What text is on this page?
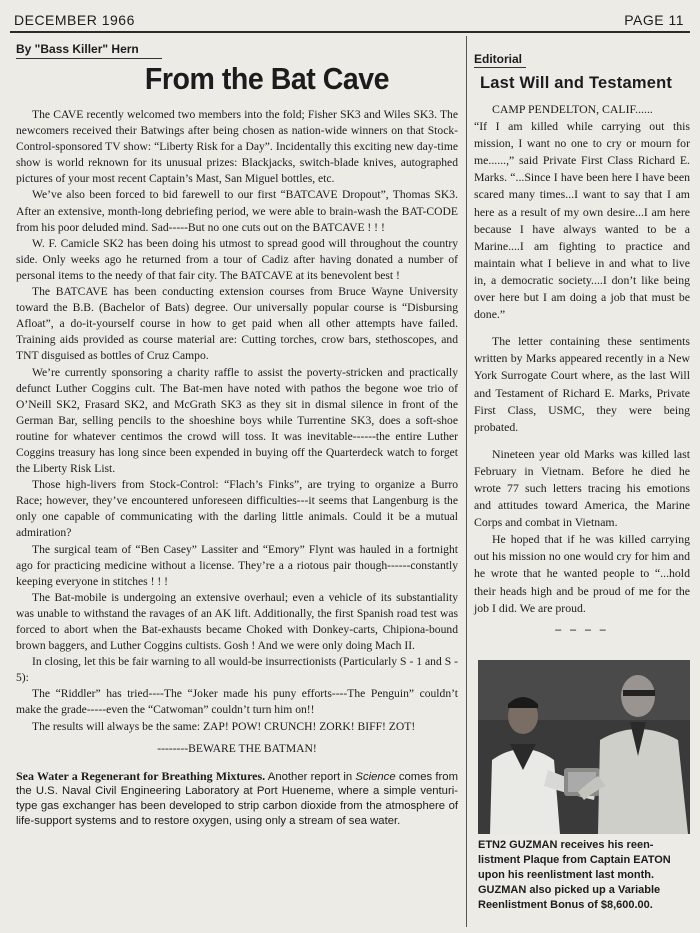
DECEMBER 1966	PAGE 11
By "Bass Killer" Hern
From the Bat Cave

The CAVE recently welcomed two members into the fold; Fisher SK3 and Wiles SK3. The newcomers received their Batwings after being chosen as nation-wide winners on that Stock-Control-sponsored TV show: “Liberty Risk for a Day”. Incidentally this exciting new day-time show is world reknown for its unusual prizes: Blackjacks, switch-blade knives, autographed pictures of your most recent Captain’s Mast, San Miguel bottles, etc.

We’ve also been forced to bid farewell to our first “BATCAVE Dropout”, Thomas SK3. After an extensive, month-long debriefing period, we were able to brain-wash the BAT-CODE from his poor deluded mind. Sad-----But no one cuts out on the BATCAVE ! ! !

W. F. Camicle SK2 has been doing his utmost to spread good will throughout the country side. Only weeks ago he returned from a tour of Cadiz after having donated a number of personal items to the needy of that fair city. The BATCAVE at its benevolent best !

The BATCAVE has been conducting extension courses from Bruce Wayne University toward the B.B. (Bachelor of Bats) degree. Our universally popular course is “Disbursing Afloat”, a do-it-yourself course in how to get paid when all other attempts have failed. Training aids provided as course material are: Cutting torches, crow bars, stethoscopes, and TNT disguised as bottles of Cruz Campo.

We’re currently sponsoring a charity raffle to assist the poverty-stricken and practically defunct Luther Coggins cult. The Bat-men have noted with pathos the begone woe trio of O’Neill SK2, Frasard SK2, and McGrath SK3 as they sit in dismal silence in front of the German Bar, selling pencils to the shoeshine boys while Turrentine SK3, does a soft-shoe routine for whatever centimos the crowd will toss. It was inevitable------the entire Luther Coggins treasury has long since been expended in buying off the Quarterdeck watch to forget the Liberty Risk List.

Those high-livers from Stock-Control: “Flach’s Finks”, are trying to organize a Burro Race; however, they’ve encountered unforeseen difficulties---it seems that Langenburg is the only one capable of communicating with the darling little animals. Could it be a mutual admiration?

The surgical team of “Ben Casey” Lassiter and “Emory” Flynt was hauled in a fortnight ago for practicing medicine without a license. They’re a a riotous pair though------constantly keeping everyone in stitches ! ! !

The Bat-mobile is undergoing an extensive overhaul; even a vehicle of its substantiality was unable to withstand the ravages of an AK lift. Additionally, the first Spanish road test was forced to abort when the Bat-exhausts became Choked with Donkey-carts, Chipiona-bound brown baggers, and Luther Coggins cultists. Gosh ! And we were only doing Mach II.

In closing, let this be fair warning to all would-be insurrectionists (Particularly S - 1 and S - 5):

The “Riddler” has tried----The “Joker made his puny efforts----The Penguin” couldn’t make the grade-----even the “Catwoman” couldn’t turn him on!!

The results will always be the same: ZAP! POW! CRUNCH! ZORK! BIFF! ZOT!

--------BEWARE THE BATMAN!

Sea Water a Regenerant for Breathing Mixtures. Another report in Science comes from the U.S. Naval Civil Engineering Laboratory at Port Hueneme, where a simple venturi-type gas exchanger has been developed to strip carbon dioxide from the atmosphere of life-support systems and to restore oxygen, using only a stream of sea water.
Editorial
Last Will and Testament

CAMP PENDELTON, CALIF......

“If I am killed while carrying out this mission, I want no one to cry or mourn for me......,” said Private First Class Richard E. Marks. “...Since I have been here I have been scared many times...I want to say that I am here as a result of my own desire...I am here because I have always wanted to be a Marine....I am fighting to practice and maintain what I believe in and what to live in, a democratic society....I don’t like being over here but I am doing a job that must be done.”

The letter containing these sentiments written by Marks appeared recently in a New York Surrogate Court where, as the last Will and Testament of Richard E. Marks, Private First Class, USMC, they were being probated.

Nineteen year old Marks was killed last February in Vietnam. Before he died he wrote 77 such letters tracing his emotions and attitudes toward America, the Marine Corps and combat in Vietnam.

He hoped that if he was killed carrying out his mission no one would cry for him and he wrote that he wanted people to “...hold their heads high and be proud of me for the job I did. We are proud.

_ _ _ _

ETN2 GUZMAN receives his reen-
listment Plaque from Captain EATON
upon his reenlistment last month.
GUZMAN also picked up a Variable
Reenlistment Bonus of $8,600.00.
